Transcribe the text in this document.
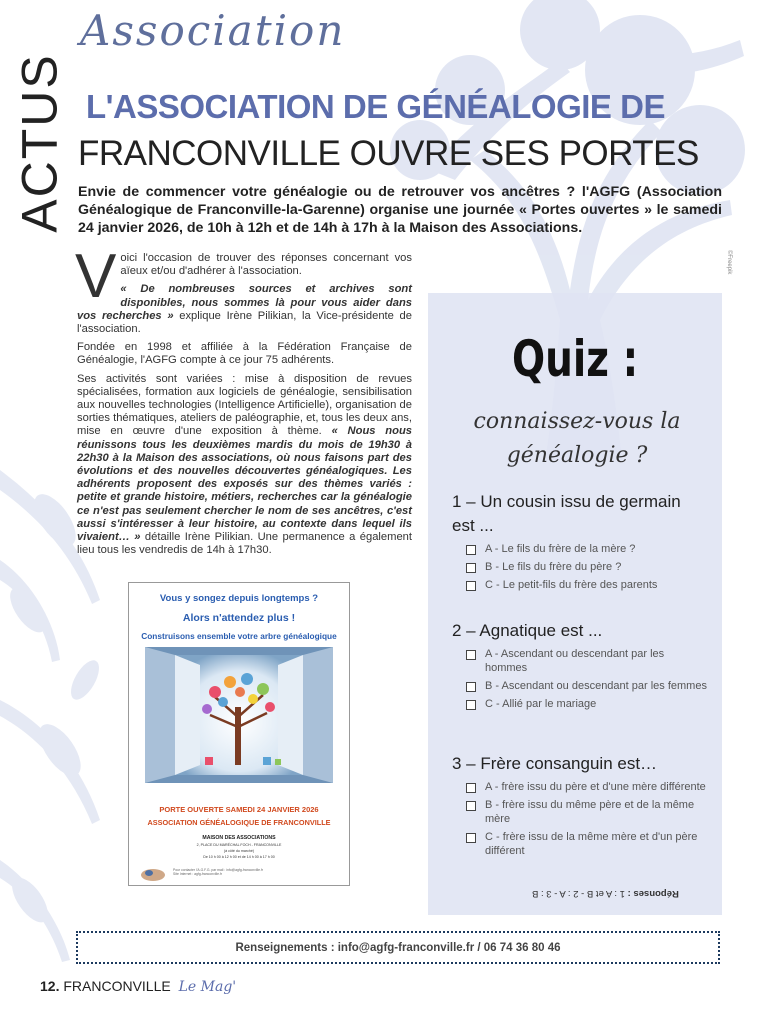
ACTUS
Association
L'ASSOCIATION DE GÉNÉALOGIE DE
FRANCONVILLE OUVRE SES PORTES
Envie de commencer votre généalogie ou de retrouver vos ancêtres ? l'AGFG (Association Généalogique de Franconville-la-Garenne) organise une journée « Portes ouvertes » le samedi 24 janvier 2026, de 10h à 12h et de 14h à 17h à la Maison des Associations.

Voici l'occasion de trouver des réponses concernant vos aïeux et/ou d'adhérer à l'association.

« De nombreuses sources et archives sont disponibles, nous sommes là pour vous aider dans vos recherches » explique Irène Pilikian, la Vice-présidente de l'association.

Fondée en 1998 et affiliée à la Fédération Française de Généalogie, l'AGFG compte à ce jour 75 adhérents.

Ses activités sont variées : mise à disposition de revues spécialisées, formation aux logiciels de généalogie, sensibilisation aux nouvelles technologies (Intelligence Artificielle), organisation de sorties thématiques, ateliers de paléographie, et, tous les deux ans, mise en œuvre d'une exposition à thème. « Nous nous réunissons tous les deuxièmes mardis du mois de 19h30 à 22h30 à la Maison des associations, où nous faisons part des évolutions et des nouvelles découvertes généalogiques. Les adhérents proposent des exposés sur des thèmes variés : petite et grande histoire, métiers, recherches car la généalogie ce n'est pas seulement chercher le nom de ses ancêtres, c'est aussi s'intéresser à leur histoire, au contexte dans lequel ils vivaient… » détaille Irène Pilikian. Une permanence a également lieu tous les vendredis de 14h à 17h30.

©Freepik
Vous y songez depuis longtemps ?
Alors n'attendez plus !
Construisons ensemble votre arbre généalogique
PORTE OUVERTE SAMEDI 24 JANVIER 2026
ASSOCIATION GÉNÉALOGIQUE DE FRANCONVILLE
MAISON DES ASSOCIATIONS
2, PLACE DU MARÉCHAL FOCH - FRANCONVILLE
(à côté du marché)
De 10 h 00 à 12 h 00 et de 14 h 00 à 17 h 00
Pour contacter l'A.G.F.G. par mail : info@agfg-franconville.fr
Site Internet : agfg-franconville.fr
Quiz :
connaissez-vous la généalogie ?
1 – Un cousin issu de germain est ...
A - Le fils du frère de la mère ?
B - Le fils du frère du père ?
C - Le petit-fils du frère des parents
2 – Agnatique est ...
A - Ascendant ou descendant par les hommes
B - Ascendant ou descendant par les femmes
C - Allié par le mariage
3 – Frère consanguin est…
A - frère issu du père et d'une mère différente
B - frère issu du même père et de la même mère
C - frère issu de la même mère et d'un père différent
Réponses : 1 : A et B - 2 : A - 3 : B
Renseignements : info@agfg-franconville.fr / 06 74 36 80 46
12. FRANCONVILLE Le Mag'
